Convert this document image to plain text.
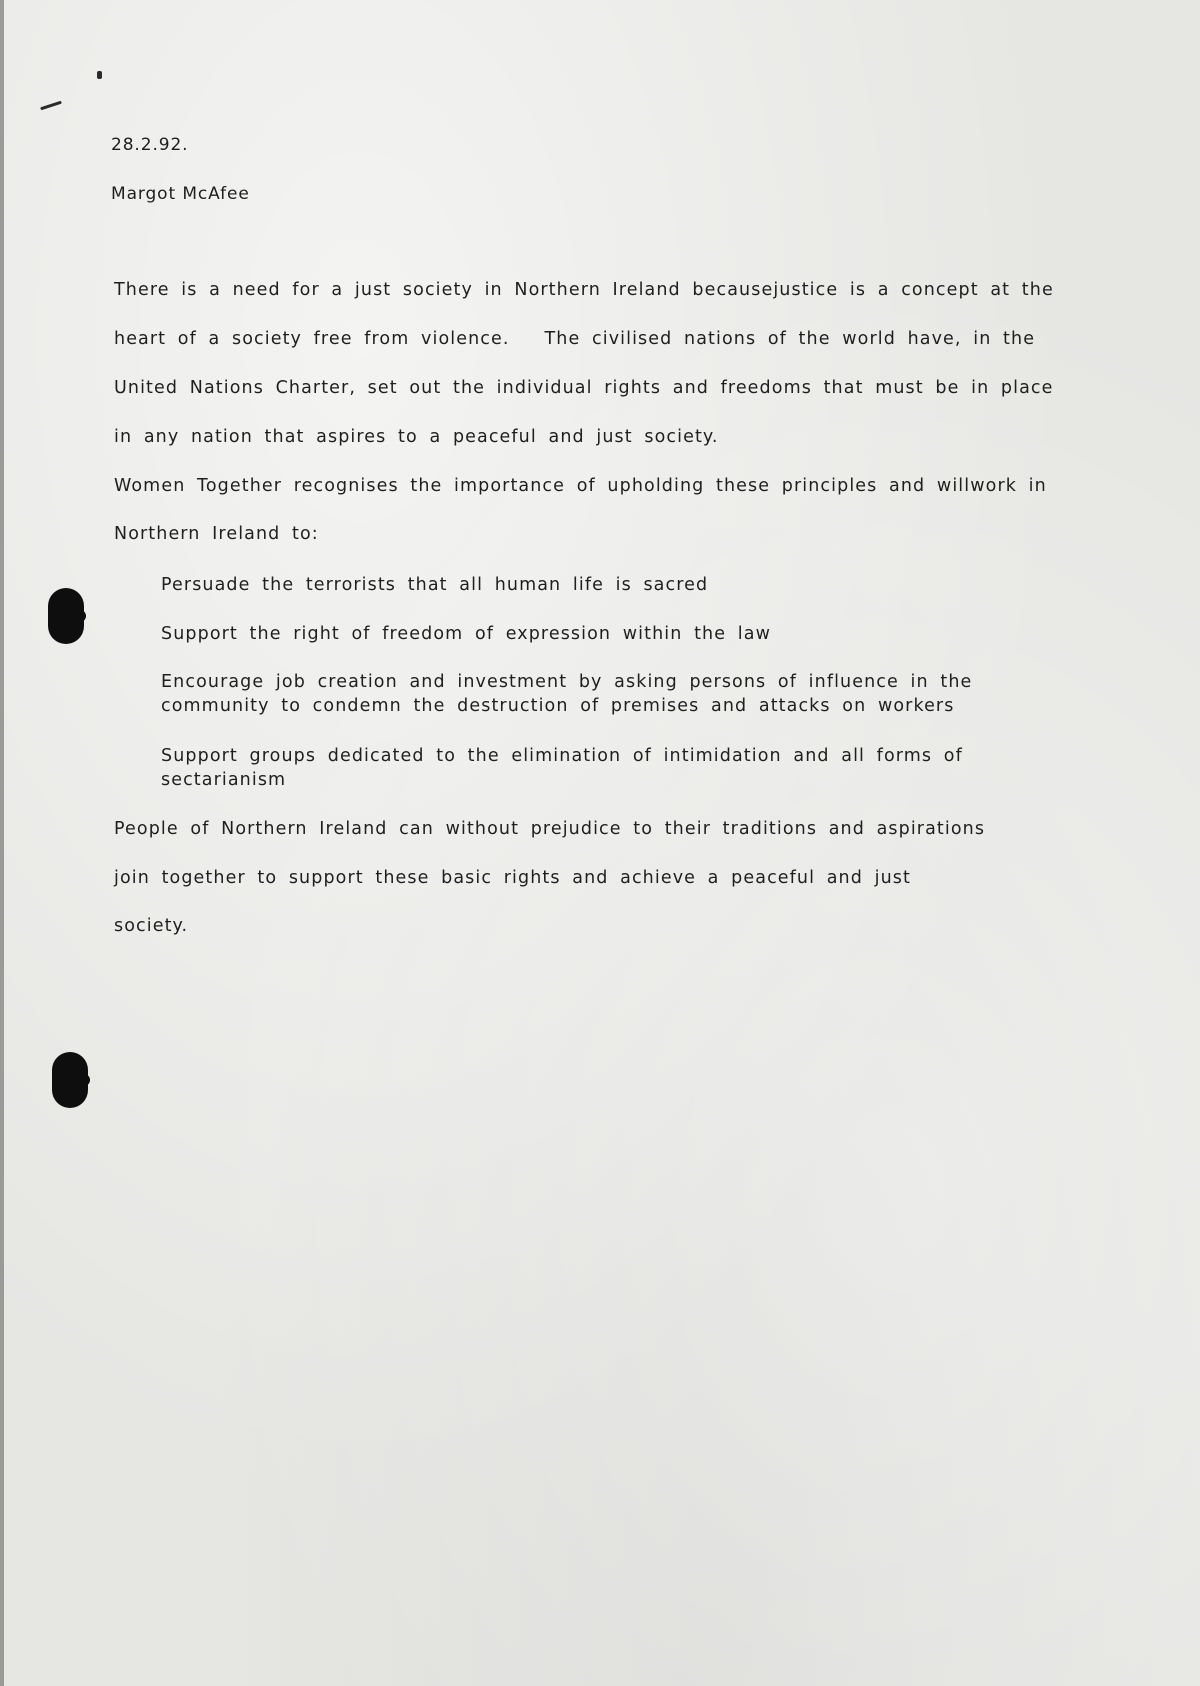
28.2.92.
Margot McAfee
There is a need for a just society in Northern Ireland becausejustice is a concept at the
heart of a society free from violence.   The civilised nations of the world have, in the
United Nations Charter, set out the individual rights and freedoms that must be in place
in any nation that aspires to a peaceful and just society.
Women Together recognises the importance of upholding these principles and willwork in
Northern Ireland to:
Persuade the terrorists that all human life is sacred
Support the right of freedom of expression within the law
Encourage job creation and investment by asking persons of influence in the community to condemn the destruction of premises and attacks on workers
Support groups dedicated to the elimination of intimidation and all forms of sectarianism
People of Northern Ireland can without prejudice to their traditions and aspirations
join together to support these basic rights and achieve a peaceful and just
society.
